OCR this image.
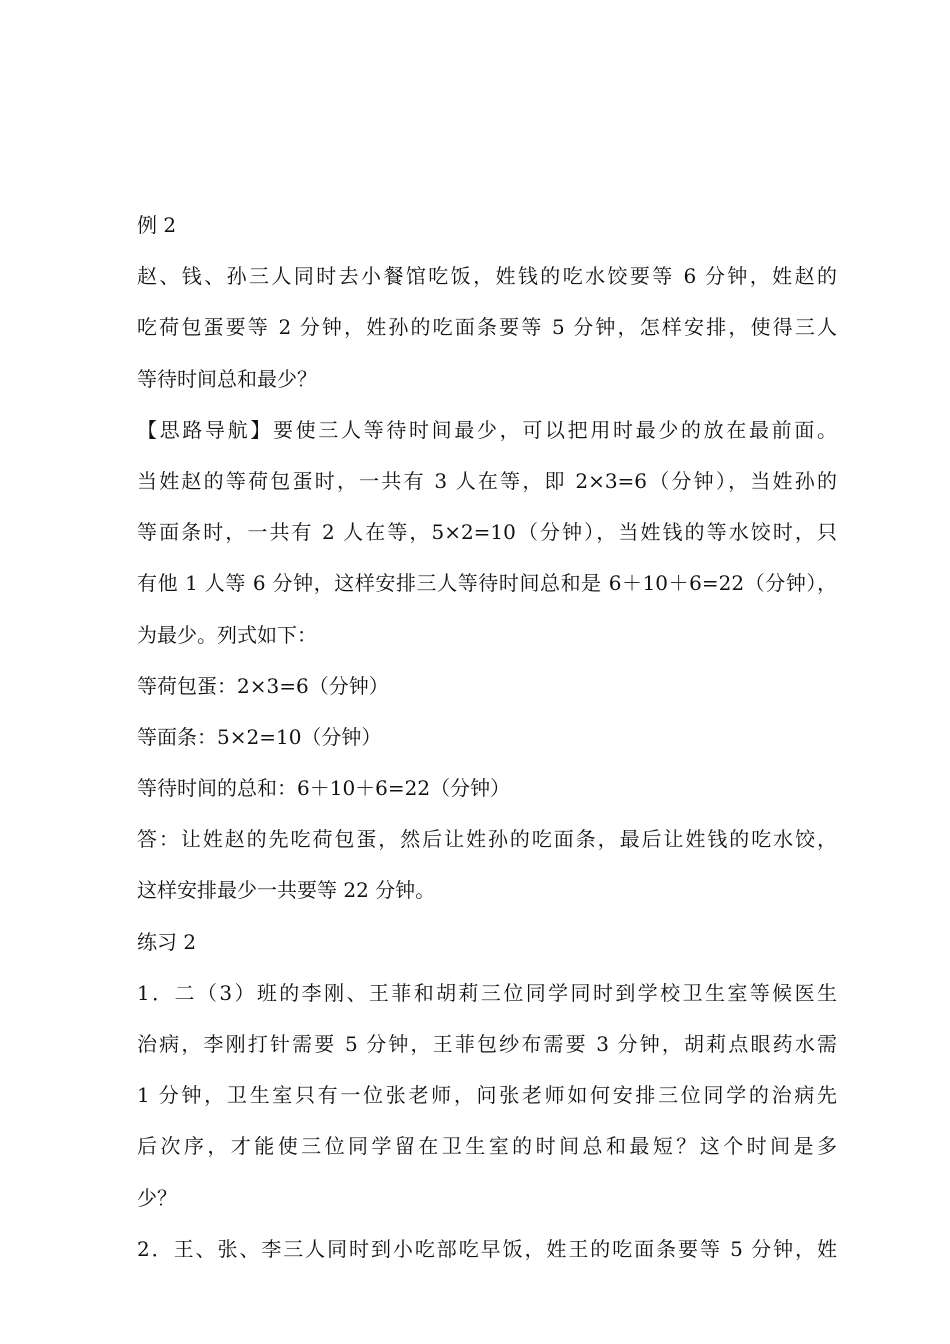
例 2
赵、钱、孙三人同时去小餐馆吃饭，姓钱的吃水饺要等 6 分钟，姓赵的
吃荷包蛋要等 2 分钟，姓孙的吃面条要等 5 分钟，怎样安排，使得三人
等待时间总和最少？
【思路导航】要使三人等待时间最少，可以把用时最少的放在最前面。
当姓赵的等荷包蛋时，一共有 3 人在等，即 2×3=6（分钟），当姓孙的
等面条时，一共有 2 人在等，5×2=10（分钟），当姓钱的等水饺时，只
有他 1 人等 6 分钟，这样安排三人等待时间总和是 6＋10＋6=22（分钟），
为最少。列式如下：
等荷包蛋：2×3=6（分钟）
等面条：5×2=10（分钟）
等待时间的总和：6＋10＋6=22（分钟）
答：让姓赵的先吃荷包蛋，然后让姓孙的吃面条，最后让姓钱的吃水饺，
这样安排最少一共要等 22 分钟。
练习 2
1．二（3）班的李刚、王菲和胡莉三位同学同时到学校卫生室等候医生
治病，李刚打针需要 5 分钟，王菲包纱布需要 3 分钟，胡莉点眼药水需
1 分钟，卫生室只有一位张老师，问张老师如何安排三位同学的治病先
后次序，才能使三位同学留在卫生室的时间总和最短？这个时间是多
少？
2．王、张、李三人同时到小吃部吃早饭，姓王的吃面条要等 5 分钟，姓
